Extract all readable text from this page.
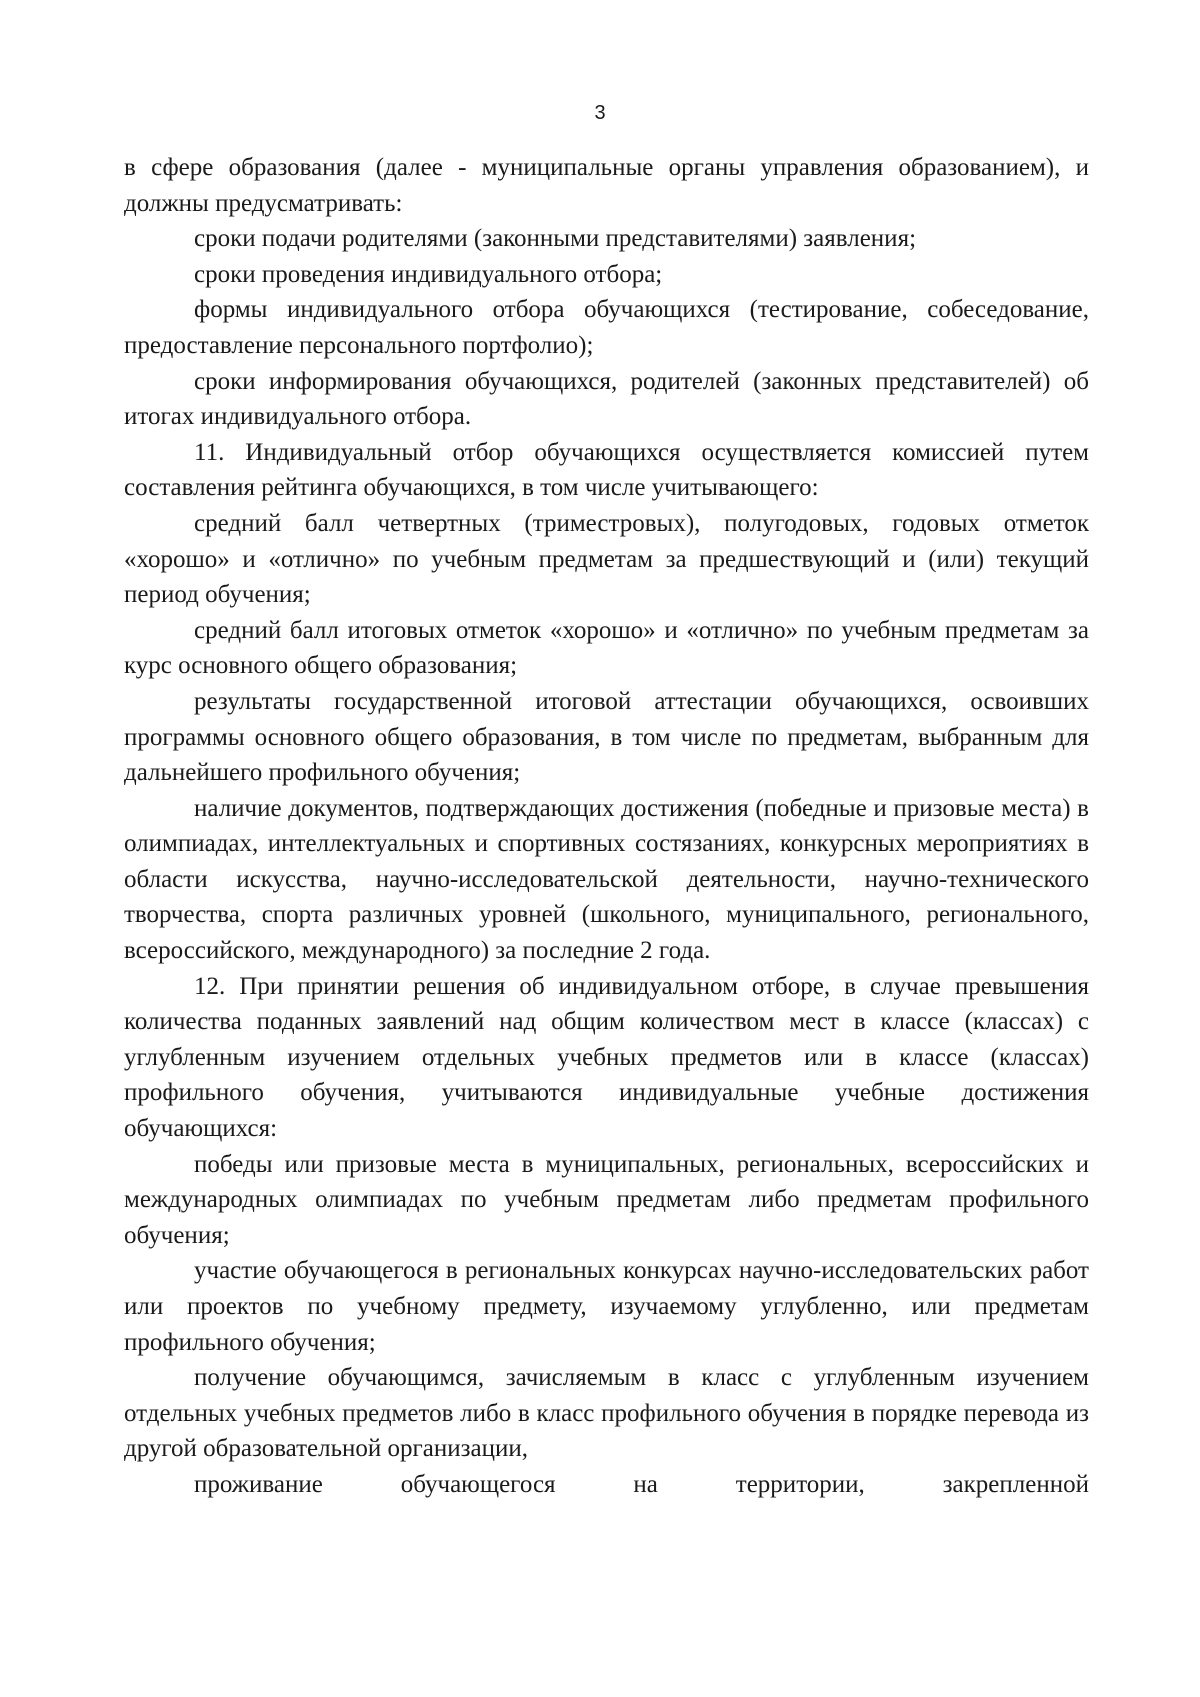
3

в сфере образования (далее - муниципальные органы управления образованием), и должны предусматривать:

сроки подачи родителями (законными представителями) заявления;

сроки проведения индивидуального отбора;

формы индивидуального отбора обучающихся (тестирование, собеседование, предоставление персонального портфолио);

сроки информирования обучающихся, родителей (законных представителей) об итогах индивидуального отбора.

11. Индивидуальный отбор обучающихся осуществляется комиссией путем составления рейтинга обучающихся, в том числе учитывающего:

средний балл четвертных (триместровых), полугодовых, годовых отметок «хорошо» и «отлично» по учебным предметам за предшествующий и (или) текущий период обучения;

средний балл итоговых отметок «хорошо» и «отлично» по учебным предметам за курс основного общего образования;

результаты государственной итоговой аттестации обучающихся, освоивших программы основного общего образования, в том числе по предметам, выбранным для дальнейшего профильного обучения;

наличие документов, подтверждающих достижения (победные и призовые места) в олимпиадах, интеллектуальных и спортивных состязаниях, конкурсных мероприятиях в области искусства, научно-исследовательской деятельности, научно-технического творчества, спорта различных уровней (школьного, муниципального, регионального, всероссийского, международного) за последние 2 года.

12. При принятии решения об индивидуальном отборе, в случае превышения количества поданных заявлений над общим количеством мест в классе (классах) с углубленным изучением отдельных учебных предметов или в классе (классах) профильного обучения, учитываются индивидуальные учебные достижения обучающихся:

победы или призовые места в муниципальных, региональных, всероссийских и международных олимпиадах по учебным предметам либо предметам профильного обучения;

участие обучающегося в региональных конкурсах научно-исследовательских работ или проектов по учебному предмету, изучаемому углубленно, или предметам профильного обучения;

получение обучающимся, зачисляемым в класс с углубленным изучением отдельных учебных предметов либо в класс профильного обучения в порядке перевода из другой образовательной организации,

проживание обучающегося на территории, закрепленной
